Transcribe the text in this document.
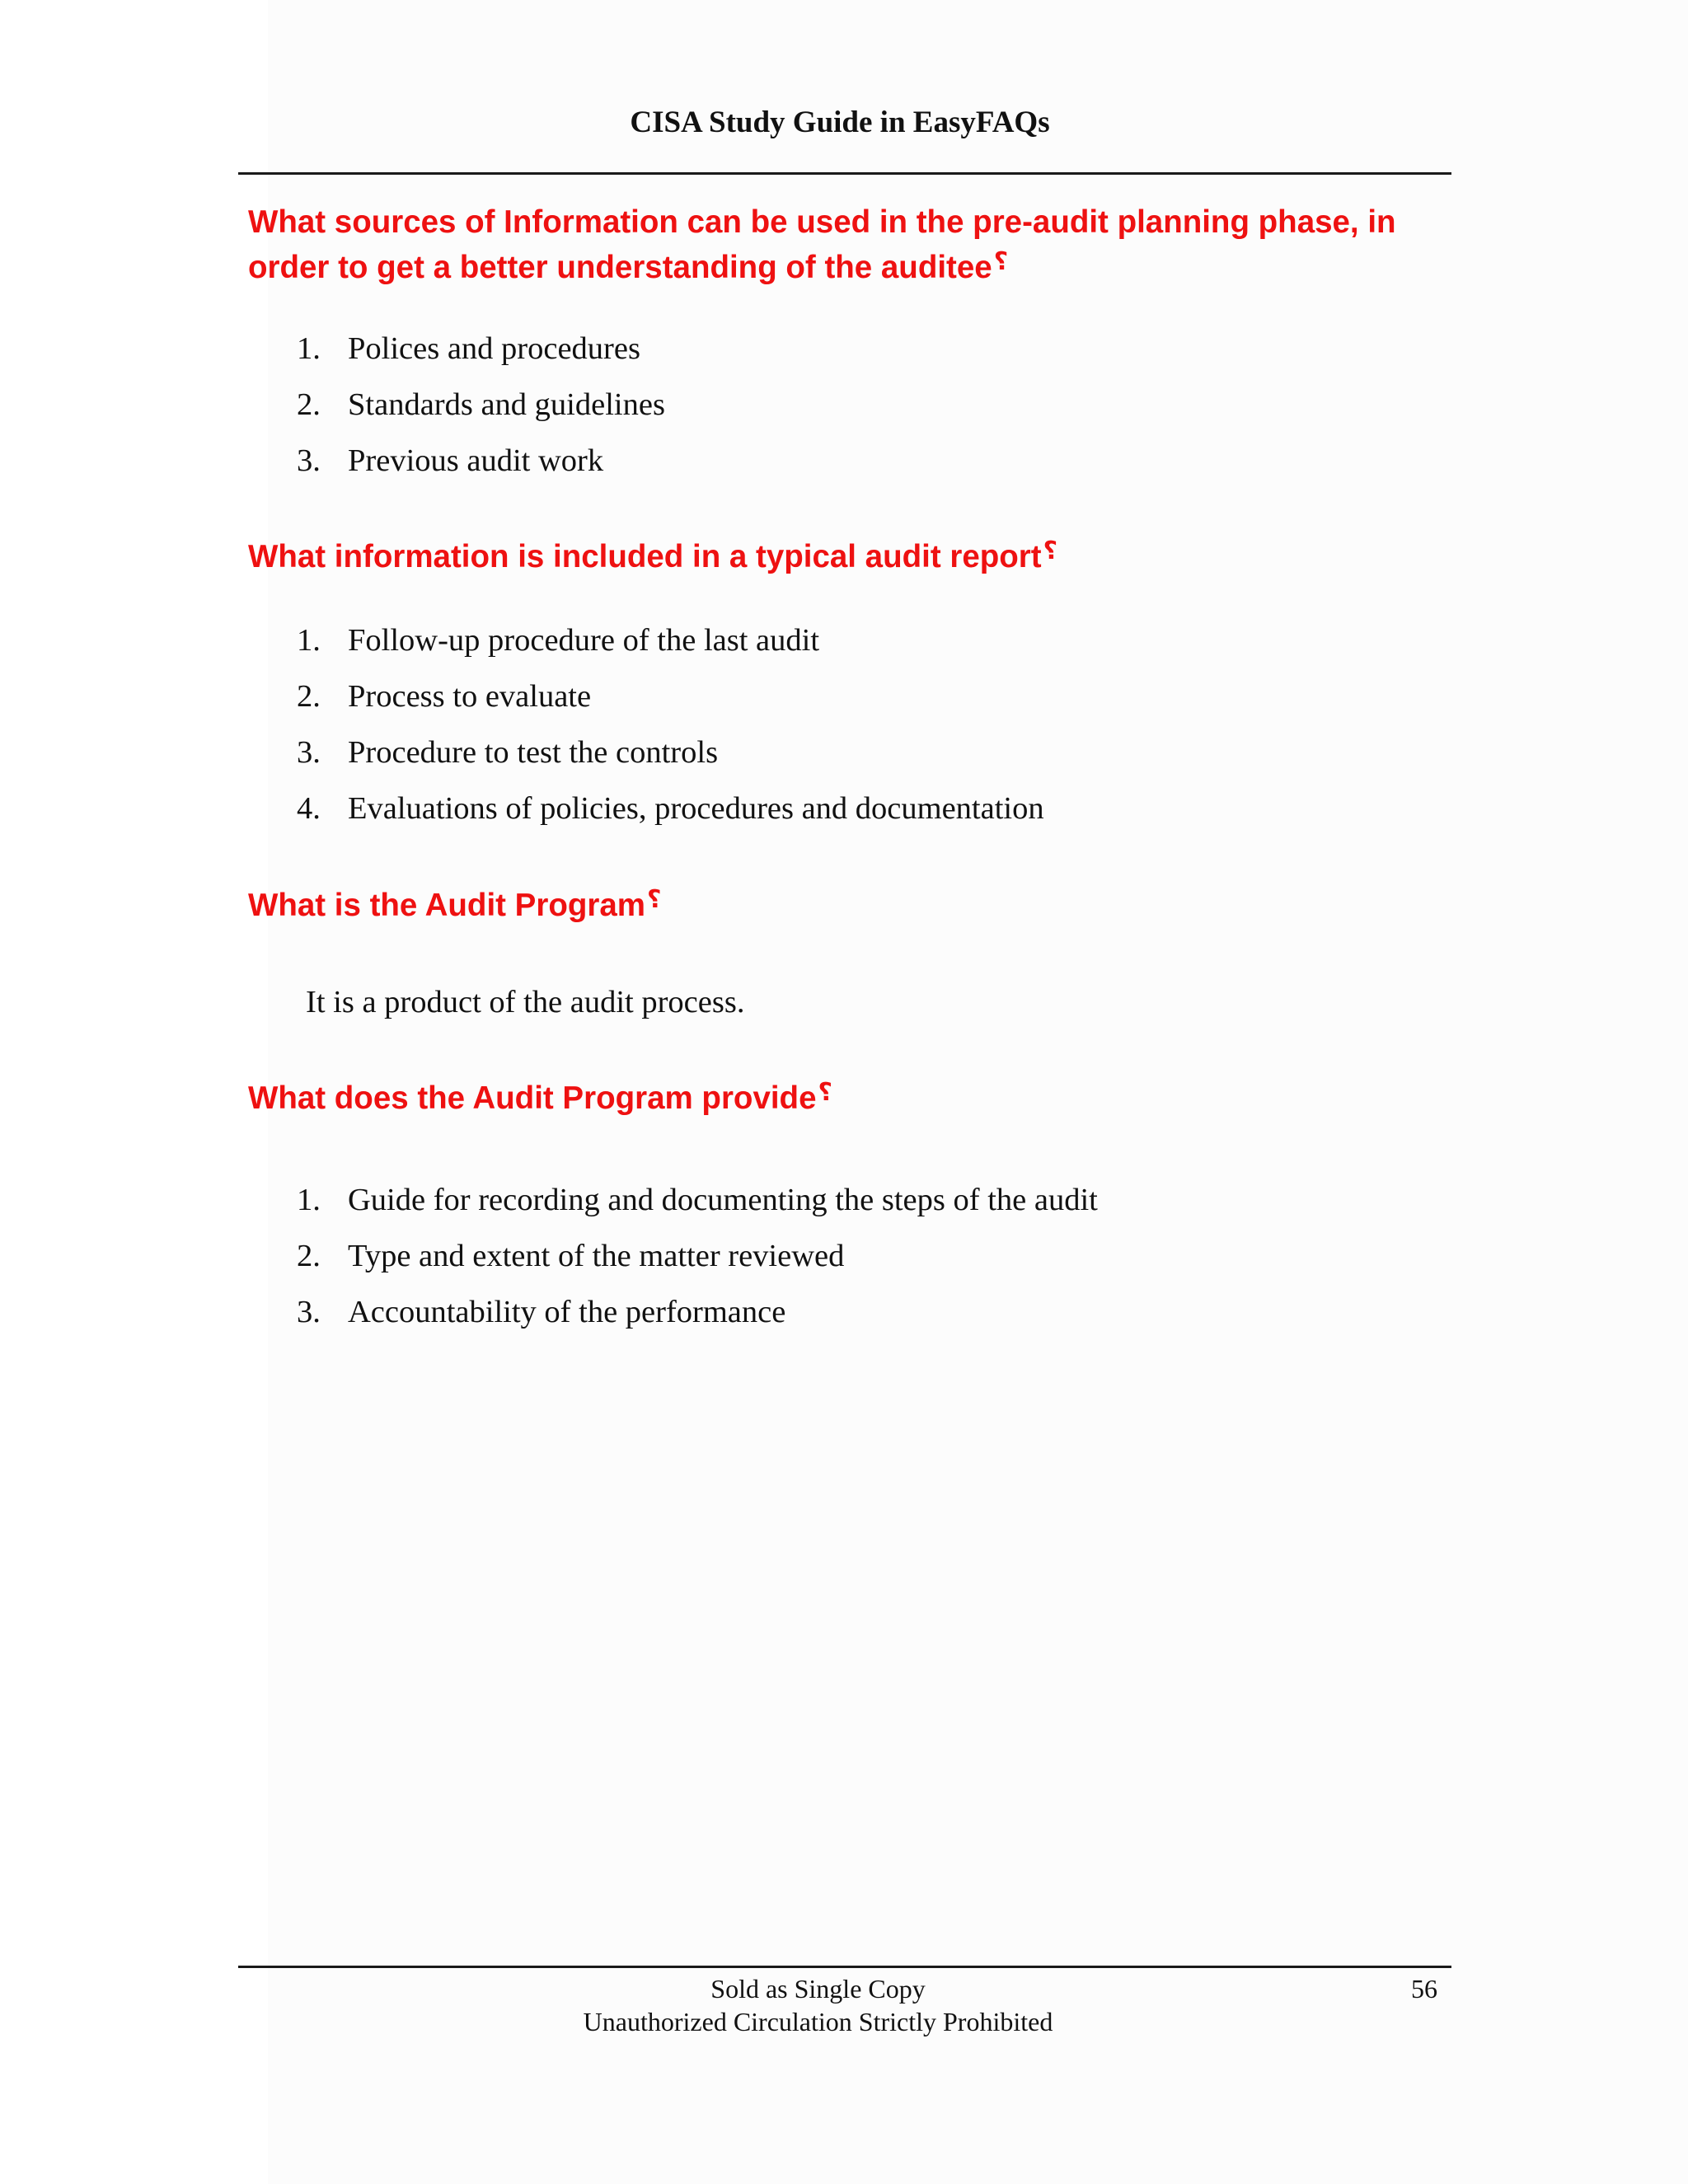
CISA Study Guide in EasyFAQs

What sources of Information can be used in the pre-audit planning phase, in order to get a better understanding of the auditee؟

1. Polices and procedures
2. Standards and guidelines
3. Previous audit work

What information is included in a typical audit report؟

1. Follow-up procedure of the last audit
2. Process to evaluate
3. Procedure to test the controls
4. Evaluations of policies, procedures and documentation

What is the Audit Program؟

It is a product of the audit process.

What does the Audit Program provide؟

1. Guide for recording and documenting the steps of the audit
2. Type and extent of the matter reviewed
3. Accountability of the performance
Sold as Single Copy
Unauthorized Circulation Strictly Prohibited
56
